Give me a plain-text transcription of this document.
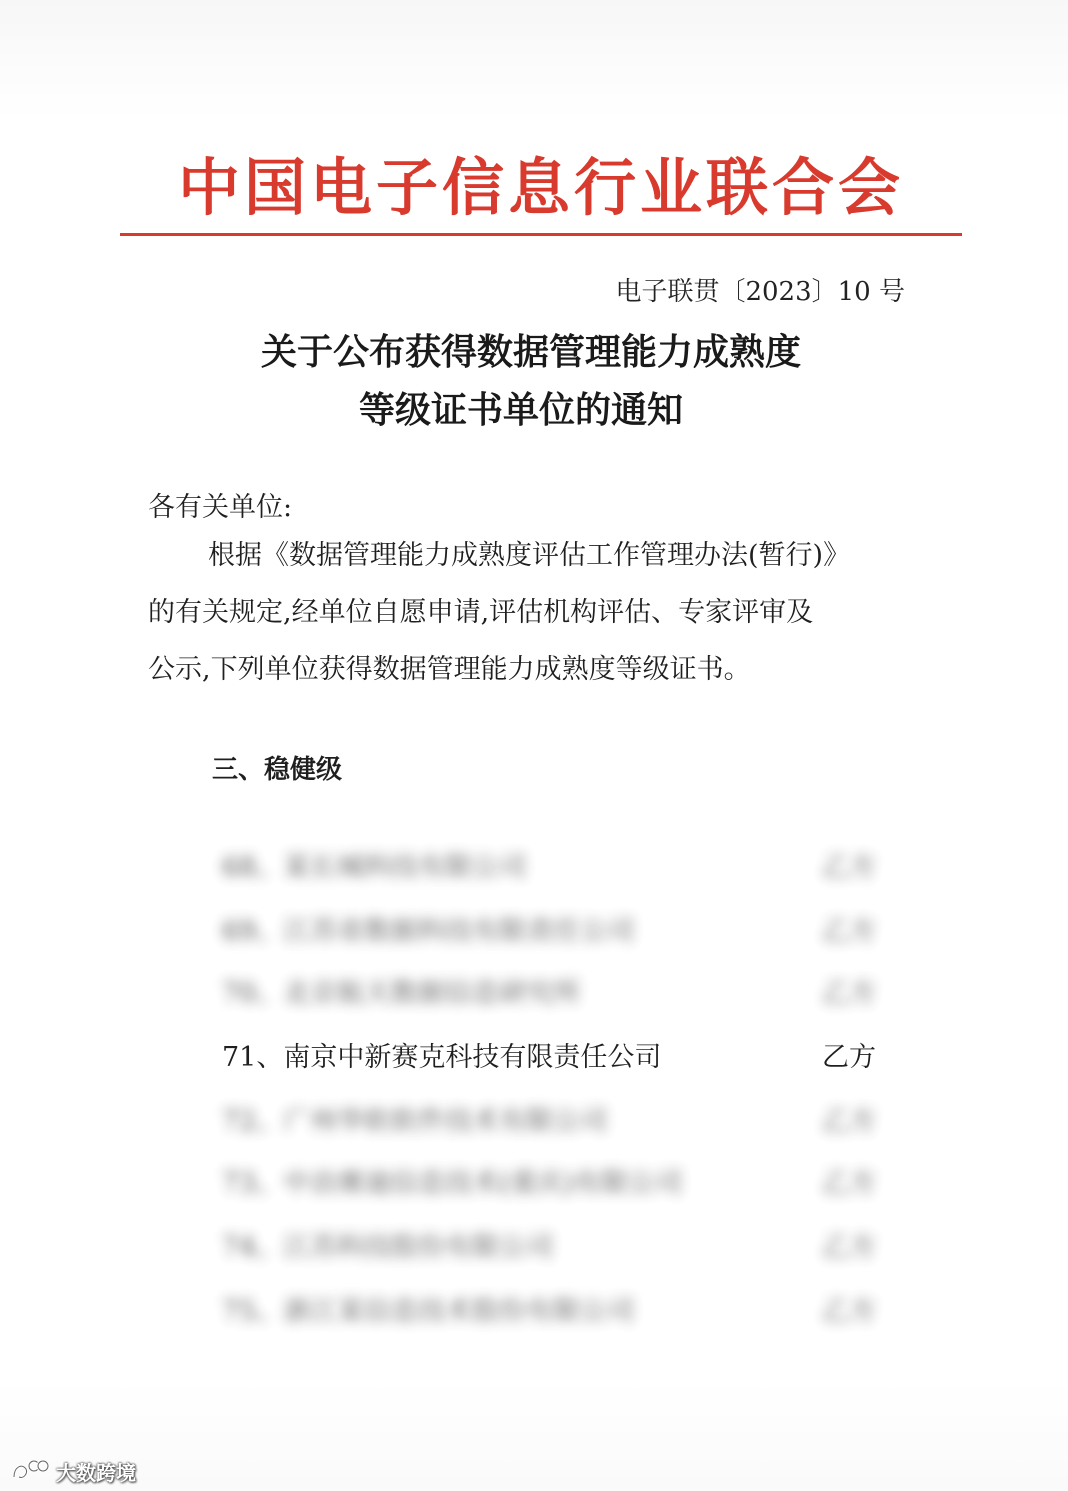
中国电子信息行业联合会
电子联贯〔2023〕10 号
关于公布获得数据管理能力成熟度
等级证书单位的通知
各有关单位:
根据《数据管理能力成熟度评估工作管理办法(暂行)》
的有关规定,经单位自愿申请,评估机构评估、专家评审及
公示,下列单位获得数据管理能力成熟度等级证书。
三、稳健级
68、某长城科技有限公司	乙方
69、江苏省数据科技有限责任公司	乙方
70、北京航天数据信息研究所	乙方
71、南京中新赛克科技有限责任公司	乙方
72、广州华软软件技术有限公司	乙方
73、中冶赛迪信息技术(重庆)有限公司	乙方
74、江苏科技股份有限公司	乙方
75、浙江某信息技术股份有限公司	乙方
大数跨境
